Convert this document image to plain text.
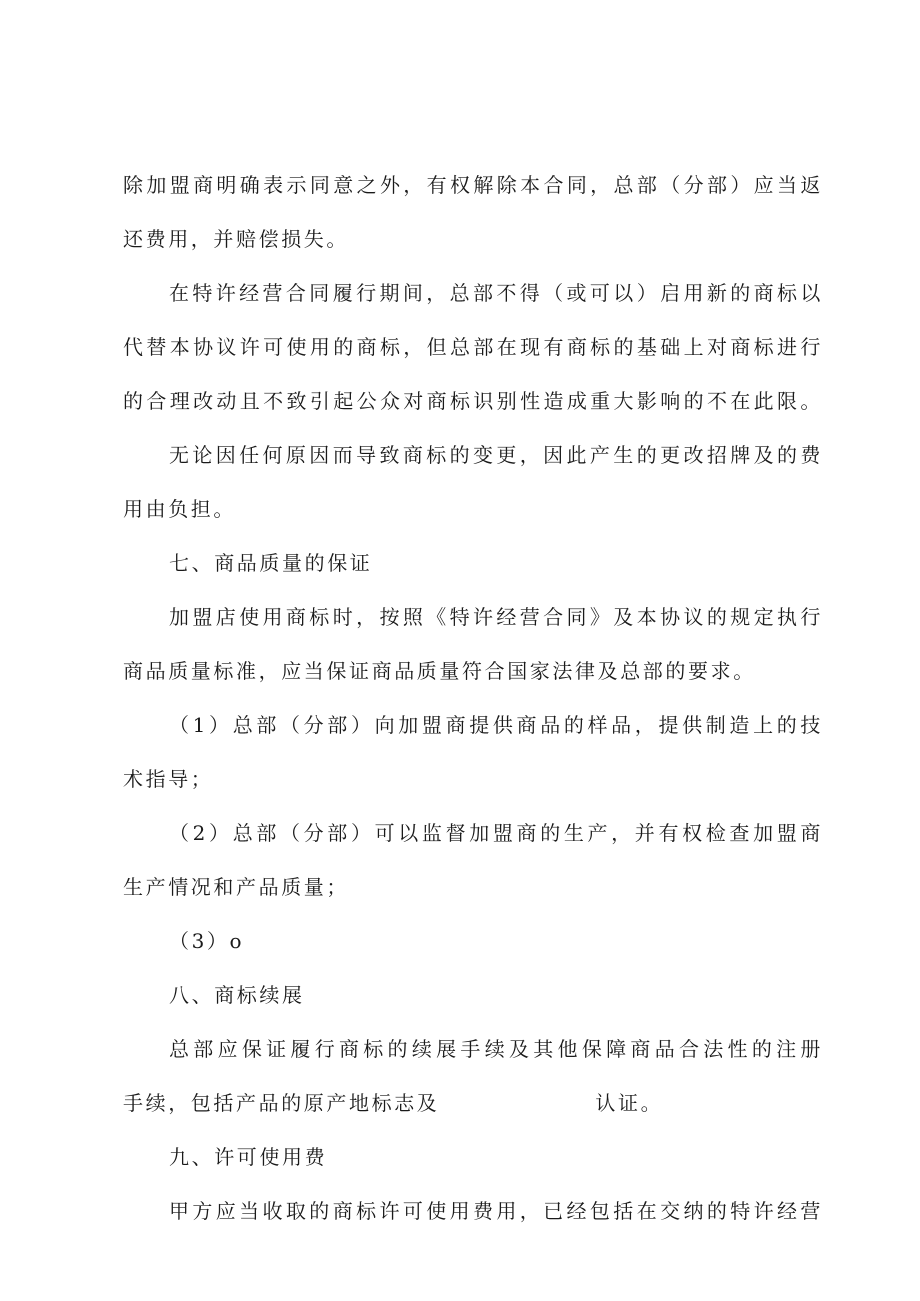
除加盟商明确表示同意之外，有权解除本合同，总部（分部）应当返
还费用，并赔偿损失。
在特许经营合同履行期间，总部不得（或可以）启用新的商标以
代替本协议许可使用的商标，但总部在现有商标的基础上对商标进行
的合理改动且不致引起公众对商标识别性造成重大影响的不在此限。
无论因任何原因而导致商标的变更，因此产生的更改招牌及的费
用由负担。
七、商品质量的保证
加盟店使用商标时，按照《特许经营合同》及本协议的规定执行
商品质量标准，应当保证商品质量符合国家法律及总部的要求。
（1）总部（分部）向加盟商提供商品的样品，提供制造上的技
术指导；
（2）总部（分部）可以监督加盟商的生产，并有权检查加盟商
生产情况和产品质量；
（3）o
八、商标续展
总部应保证履行商标的续展手续及其他保障商品合法性的注册
手续，包括产品的原产地标志及	认证。
九、许可使用费
甲方应当收取的商标许可使用费用，已经包括在交纳的特许经营
